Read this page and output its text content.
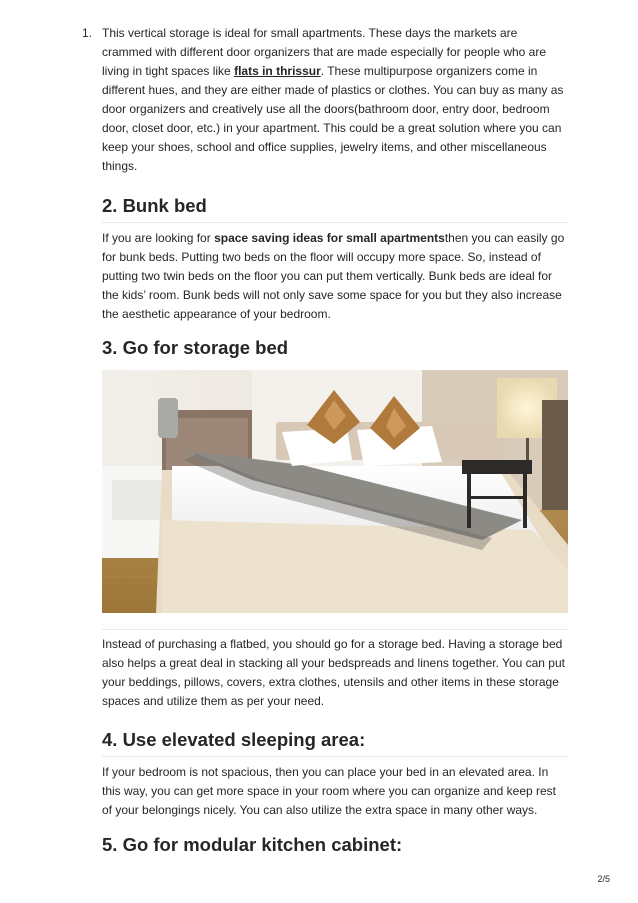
1. This vertical storage is ideal for small apartments. These days the markets are crammed with different door organizers that are made especially for people who are living in tight spaces like flats in thrissur. These multipurpose organizers come in different hues, and they are either made of plastics or clothes. You can buy as many as door organizers and creatively use all the doors(bathroom door, entry door, bedroom door, closet door, etc.) in your apartment. This could be a great solution where you can keep your shoes, school and office supplies, jewelry items, and other miscellaneous things.

2. Bunk bed

If you are looking for space saving ideas for small apartmentsthen you can easily go for bunk beds. Putting two beds on the floor will occupy more space. So, instead of putting two twin beds on the floor you can put them vertically. Bunk beds are ideal for the kids’ room. Bunk beds will not only save some space for you but they also increase the aesthetic appearance of your bedroom.

3. Go for storage bed

Instead of purchasing a flatbed, you should go for a storage bed. Having a storage bed also helps a great deal in stacking all your bedspreads and linens together. You can put your beddings, pillows, covers, extra clothes, utensils and other items in these storage spaces and utilize them as per your need.

4. Use elevated sleeping area:

If your bedroom is not spacious, then you can place your bed in an elevated area. In this way, you can get more space in your room where you can organize and keep rest of your belongings nicely. You can also utilize the extra space in many other ways.

5. Go for modular kitchen cabinet:
2/5
